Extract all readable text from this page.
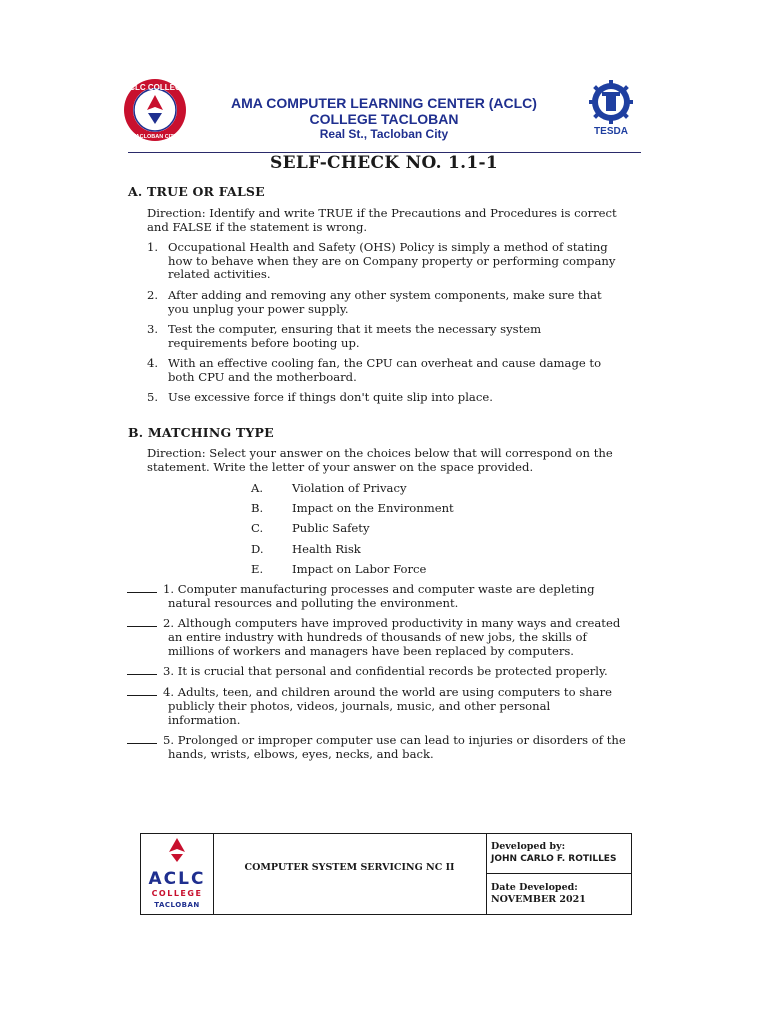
ACLC COLLEGE
TACLOBAN CITY
AMA COMPUTER LEARNING CENTER (ACLC)
COLLEGE TACLOBAN
Real St., Tacloban City	TESDA
SELF-CHECK NO. 1.1-1
A. TRUE OR FALSE
Direction: Identify and write TRUE if the Precautions and Procedures is correct
and FALSE if the statement is wrong.
1. Occupational Health and Safety (OHS) Policy is simply a method of stating
how to behave when they are on Company property or performing company
related activities.
2. After adding and removing any other system components, make sure that
you unplug your power supply.
3. Test the computer, ensuring that it meets the necessary system
requirements before booting up.
4. With an effective cooling fan, the CPU can overheat and cause damage to
both CPU and the motherboard.
5. Use excessive force if things don't quite slip into place.
B. MATCHING TYPE
Direction: Select your answer on the choices below that will correspond on the
statement. Write the letter of your answer on the space provided.
A. Violation of Privacy
B. Impact on the Environment
C. Public Safety
D. Health Risk
E. Impact on Labor Force
1. Computer manufacturing processes and computer waste are depleting
natural resources and polluting the environment.
2. Although computers have improved productivity in many ways and created
an entire industry with hundreds of thousands of new jobs, the skills of
millions of workers and managers have been replaced by computers.
3. It is crucial that personal and confidential records be protected properly.
4. Adults, teen, and children around the world are using computers to share
publicly their photos, videos, journals, music, and other personal
information.
5. Prolonged or improper computer use can lead to injuries or disorders of the
hands, wrists, elbows, eyes, necks, and back.
ACLC
COLLEGE
TACLOBAN
COMPUTER SYSTEM SERVICING NC II
Developed by:
JOHN CARLO F. ROTILLES
Date Developed:
NOVEMBER 2021
